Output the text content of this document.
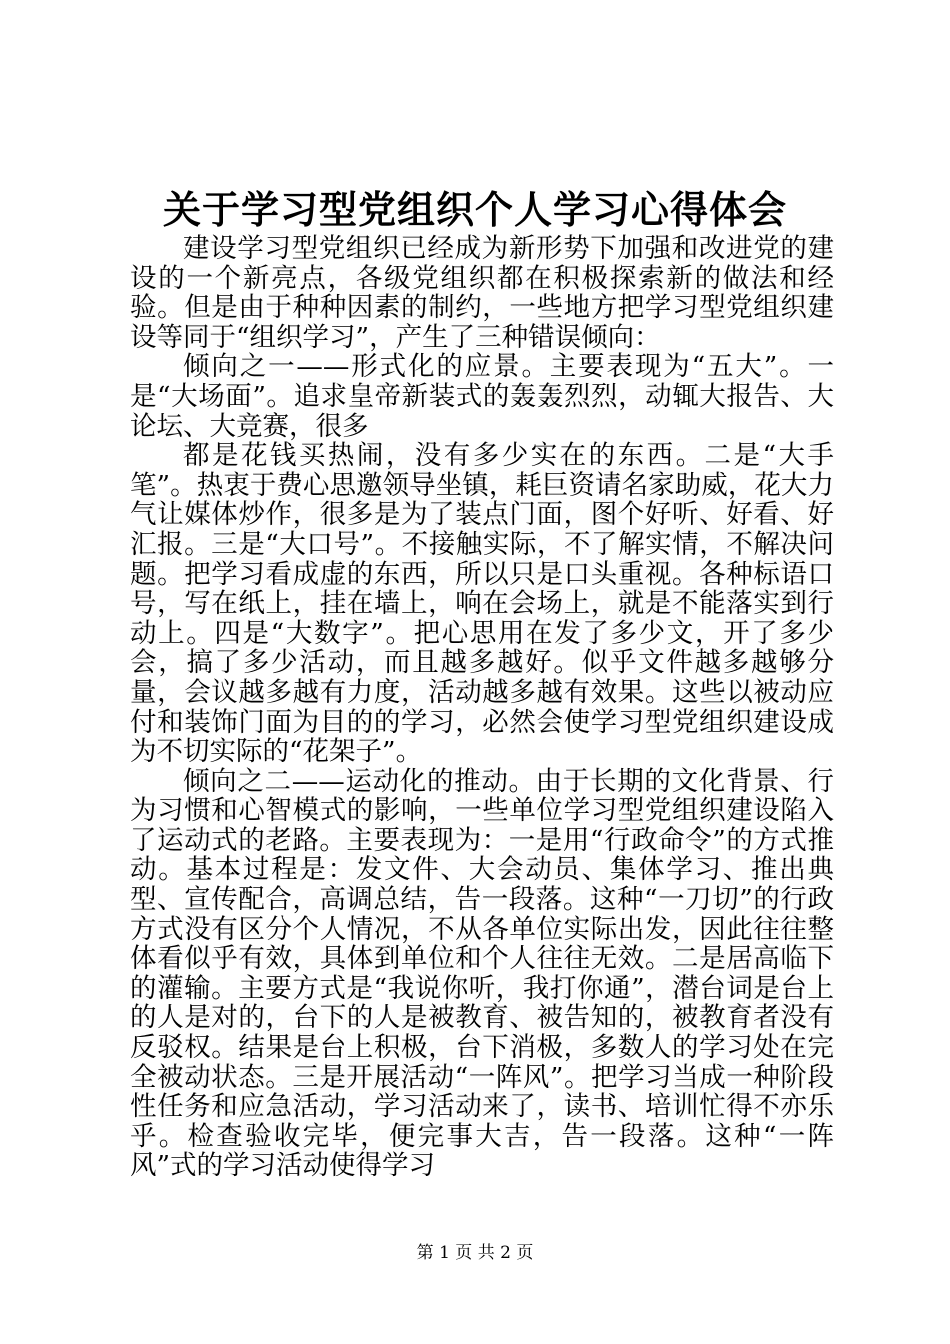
关于学习型党组织个人学习心得体会

建设学习型党组织已经成为新形势下加强和改进党的建设的一个新亮点，各级党组织都在积极探索新的做法和经验。但是由于种种因素的制约，一些地方把学习型党组织建设等同于“组织学习”，产生了三种错误倾向：

倾向之一——形式化的应景。主要表现为“五大”。一是“大场面”。追求皇帝新装式的轰轰烈烈，动辄大报告、大论坛、大竞赛，很多

都是花钱买热闹，没有多少实在的东西。二是“大手笔”。热衷于费心思邀领导坐镇，耗巨资请名家助威，花大力气让媒体炒作，很多是为了装点门面，图个好听、好看、好汇报。三是“大口号”。不接触实际，不了解实情，不解决问题。把学习看成虚的东西，所以只是口头重视。各种标语口号，写在纸上，挂在墙上，响在会场上，就是不能落实到行动上。四是“大数字”。把心思用在发了多少文，开了多少会，搞了多少活动，而且越多越好。似乎文件越多越够分量，会议越多越有力度，活动越多越有效果。这些以被动应付和装饰门面为目的的学习，必然会使学习型党组织建设成为不切实际的“花架子”。

倾向之二——运动化的推动。由于长期的文化背景、行为习惯和心智模式的影响，一些单位学习型党组织建设陷入了运动式的老路。主要表现为：一是用“行政命令”的方式推动。基本过程是：发文件、大会动员、集体学习、推出典型、宣传配合，高调总结，告一段落。这种“一刀切”的行政方式没有区分个人情况，不从各单位实际出发，因此往往整体看似乎有效，具体到单位和个人往往无效。二是居高临下的灌输。主要方式是“我说你听，我打你通”，潜台词是台上的人是对的，台下的人是被教育、被告知的，被教育者没有反驳权。结果是台上积极，台下消极，多数人的学习处在完全被动状态。三是开展活动“一阵风”。把学习当成一种阶段性任务和应急活动，学习活动来了，读书、培训忙得不亦乐乎。检查验收完毕，便完事大吉，告一段落。这种“一阵风”式的学习活动使得学习

第 1 页 共 2 页
